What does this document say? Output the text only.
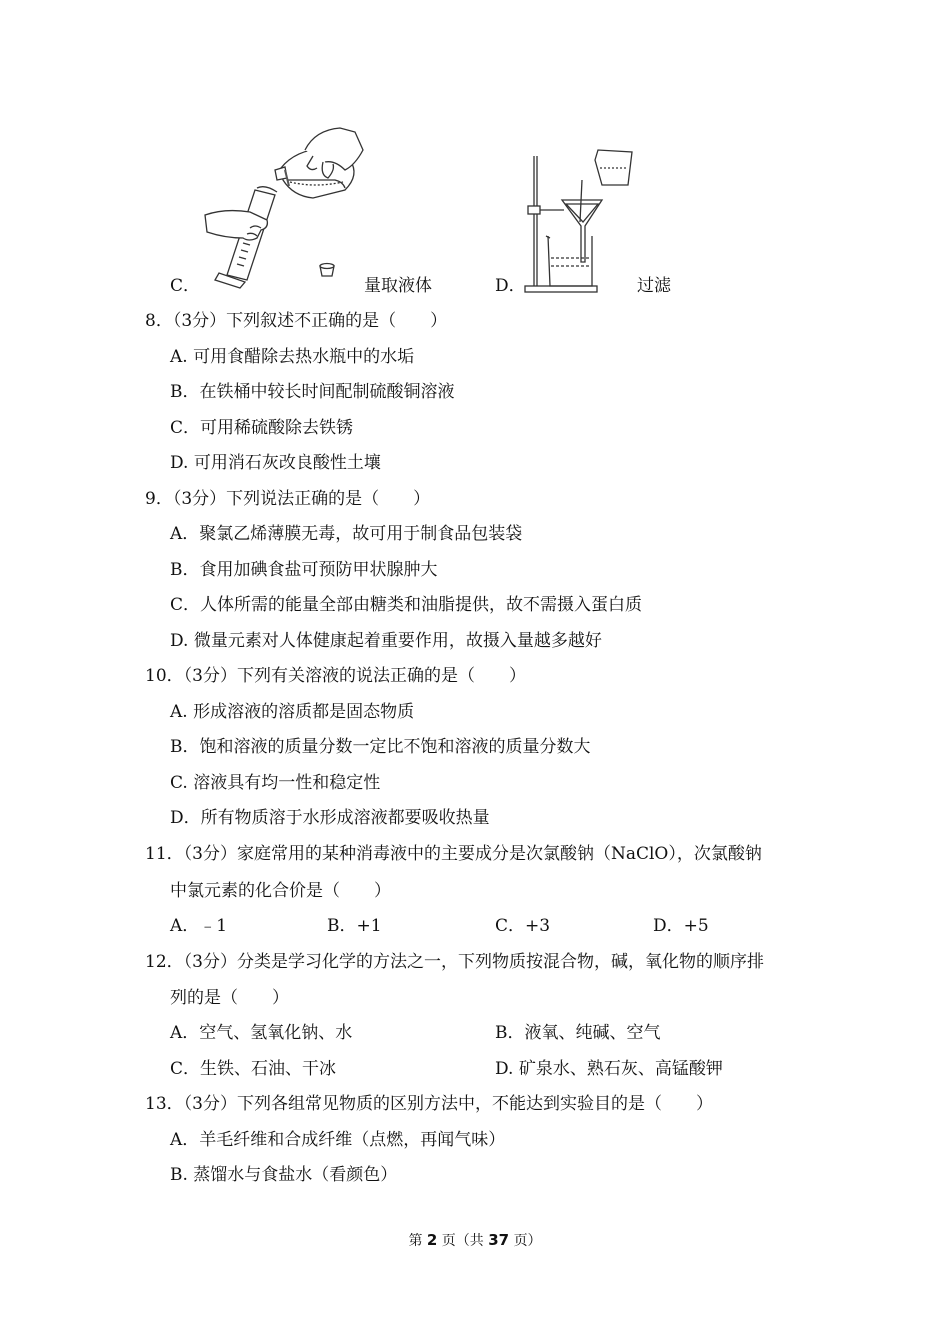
C．	量取液体	D．	过滤
8．（3分）下列叙述不正确的是（　　）
A. 可用食醋除去热水瓶中的水垢
B．在铁桶中较长时间配制硫酸铜溶液
C．可用稀硫酸除去铁锈
D. 可用消石灰改良酸性土壤
9．（3分）下列说法正确的是（　　）
A．聚氯乙烯薄膜无毒，故可用于制食品包装袋
B．食用加碘食盐可预防甲状腺肿大
C．人体所需的能量全部由糖类和油脂提供，故不需摄入蛋白质
D. 微量元素对人体健康起着重要作用，故摄入量越多越好
10．（3分）下列有关溶液的说法正确的是（　　）
A. 形成溶液的溶质都是固态物质
B．饱和溶液的质量分数一定比不饱和溶液的质量分数大
C. 溶液具有均一性和稳定性
D．所有物质溶于水形成溶液都要吸收热量
11．（3分）家庭常用的某种消毒液中的主要成分是次氯酸钠（NaClO），次氯酸钠
中氯元素的化合价是（　　）
A．﹣1	B．+1	C．+3	D．+5
12．（3分）分类是学习化学的方法之一，下列物质按混合物，碱，氧化物的顺序排
列的是（　　）
A．空气、氢氧化钠、水	B．液氧、纯碱、空气
C．生铁、石油、干冰	D. 矿泉水、熟石灰、高锰酸钾
13．（3分）下列各组常见物质的区别方法中，不能达到实验目的是（　　）
A．羊毛纤维和合成纤维（点燃，再闻气味）
B. 蒸馏水与食盐水（看颜色）
第 2 页（共 37 页）
